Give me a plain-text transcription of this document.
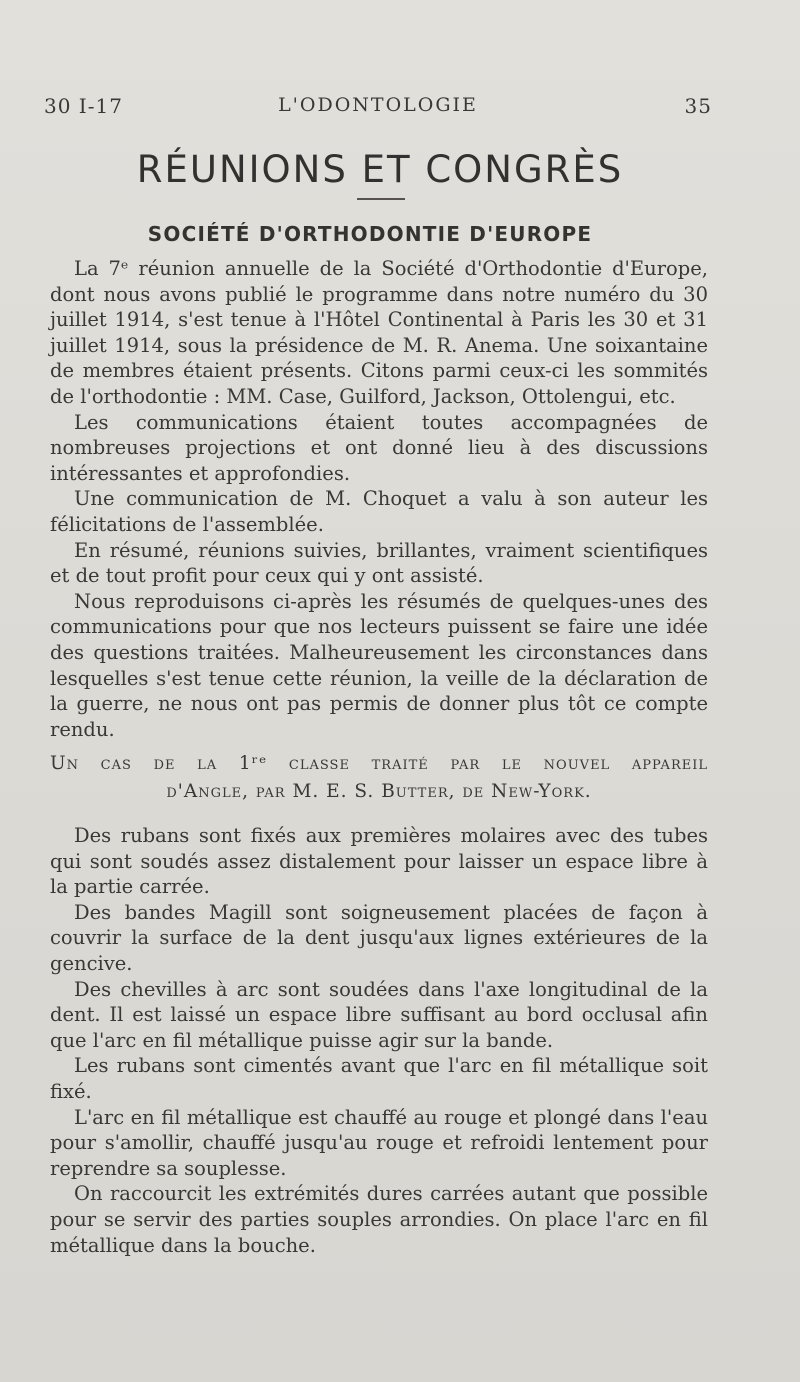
30 I-17	L'ODONTOLOGIE	35
RÉUNIONS ET CONGRÈS
SOCIÉTÉ D'ORTHODONTIE D'EUROPE

La 7ᵉ réunion annuelle de la Société d'Orthodontie d'Europe, dont nous avons publié le programme dans notre numéro du 30 juillet 1914, s'est tenue à l'Hôtel Continental à Paris les 30 et 31 juillet 1914, sous la présidence de M. R. Anema. Une soixantaine de membres étaient présents. Citons parmi ceux-ci les sommités de l'orthodontie : MM. Case, Guilford, Jackson, Ottolengui, etc.

Les communications étaient toutes accompagnées de nombreuses projections et ont donné lieu à des discussions intéressantes et approfondies.

Une communication de M. Choquet a valu à son auteur les félicitations de l'assemblée.

En résumé, réunions suivies, brillantes, vraiment scientifiques et de tout profit pour ceux qui y ont assisté.

Nous reproduisons ci-après les résumés de quelques-unes des communications pour que nos lecteurs puissent se faire une idée des questions traitées. Malheureusement les circonstances dans lesquelles s'est tenue cette réunion, la veille de la déclaration de la guerre, ne nous ont pas permis de donner plus tôt ce compte rendu.

Un cas de la 1ʳᵉ classe traité par le nouvel appareil

d'Angle, par M. E. S. Butter, de New-York.

Des rubans sont fixés aux premières molaires avec des tubes qui sont soudés assez distalement pour laisser un espace libre à la partie carrée.

Des bandes Magill sont soigneusement placées de façon à couvrir la surface de la dent jusqu'aux lignes extérieures de la gencive.

Des chevilles à arc sont soudées dans l'axe longitudinal de la dent. Il est laissé un espace libre suffisant au bord occlusal afin que l'arc en fil métallique puisse agir sur la bande.

Les rubans sont cimentés avant que l'arc en fil métallique soit fixé.

L'arc en fil métallique est chauffé au rouge et plongé dans l'eau pour s'amollir, chauffé jusqu'au rouge et refroidi lentement pour reprendre sa souplesse.

On raccourcit les extrémités dures carrées autant que possible pour se servir des parties souples arrondies. On place l'arc en fil métallique dans la bouche.
